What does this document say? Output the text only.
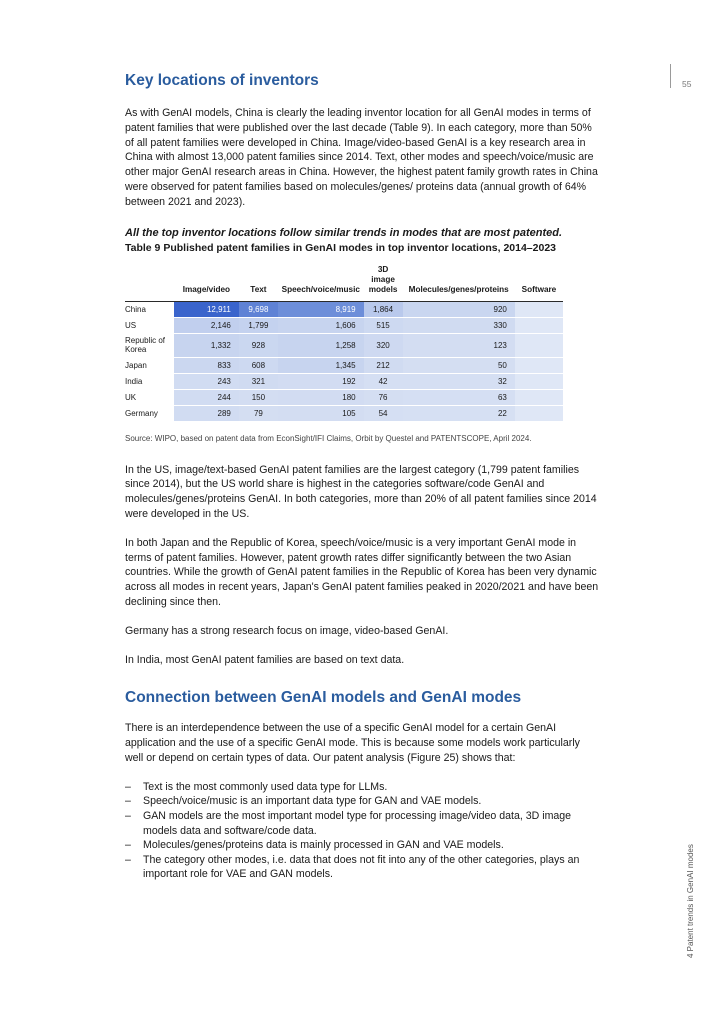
55
4 Patent trends in GenAI modes
Key locations of inventors

As with GenAI models, China is clearly the leading inventor location for all GenAI modes in terms of patent families that were published over the last decade (Table 9). In each category, more than 50% of all patent families were developed in China. Image/video-based GenAI is a key research area in China with almost 13,000 patent families since 2014. Text, other modes and speech/voice/music are other major GenAI research areas in China. However, the highest patent family growth rates in China were observed for patent families based on molecules/genes/ proteins data (annual growth of 64% between 2021 and 2023).

All the top inventor locations follow similar trends in modes that are most patented.

Table 9 Published patent families in GenAI modes in top inventor locations, 2014–2023

	Image/video	Text	Speech/voice/music	3D image models	Molecules/genes/proteins	Software
China	12,911	9,698	8,919	1,864	920	
US	2,146	1,799	1,606	515	330	
Republic of Korea	1,332	928	1,258	320	123	
Japan	833	608	1,345	212	50	
India	243	321	192	42	32	
UK	244	150	180	76	63	
Germany	289	79	105	54	22	
Source: WIPO, based on patent data from EconSight/IFI Claims, Orbit by Questel and PATENTSCOPE, April 2024.

In the US, image/text-based GenAI patent families are the largest category (1,799 patent families since 2014), but the US world share is highest in the categories software/code GenAI and molecules/genes/proteins GenAI. In both categories, more than 20% of all patent families since 2014 were developed in the US.

In both Japan and the Republic of Korea, speech/voice/music is a very important GenAI mode in terms of patent families. However, patent growth rates differ significantly between the two Asian countries. While the growth of GenAI patent families in the Republic of Korea has been very dynamic across all modes in recent years, Japan's GenAI patent families peaked in 2020/2021 and have been declining since then.

Germany has a strong research focus on image, video-based GenAI.

In India, most GenAI patent families are based on text data.

Connection between GenAI models and GenAI modes

There is an interdependence between the use of a specific GenAI model for a certain GenAI application and the use of a specific GenAI mode. This is because some models work particularly well or depend on certain types of data. Our patent analysis (Figure 25) shows that:

– Text is the most commonly used data type for LLMs.
– Speech/voice/music is an important data type for GAN and VAE models.
– GAN models are the most important model type for processing image/video data, 3D image models data and software/code data.
– Molecules/genes/proteins data is mainly processed in GAN and VAE models.
– The category other modes, i.e. data that does not fit into any of the other categories, plays an important role for VAE and GAN models.
